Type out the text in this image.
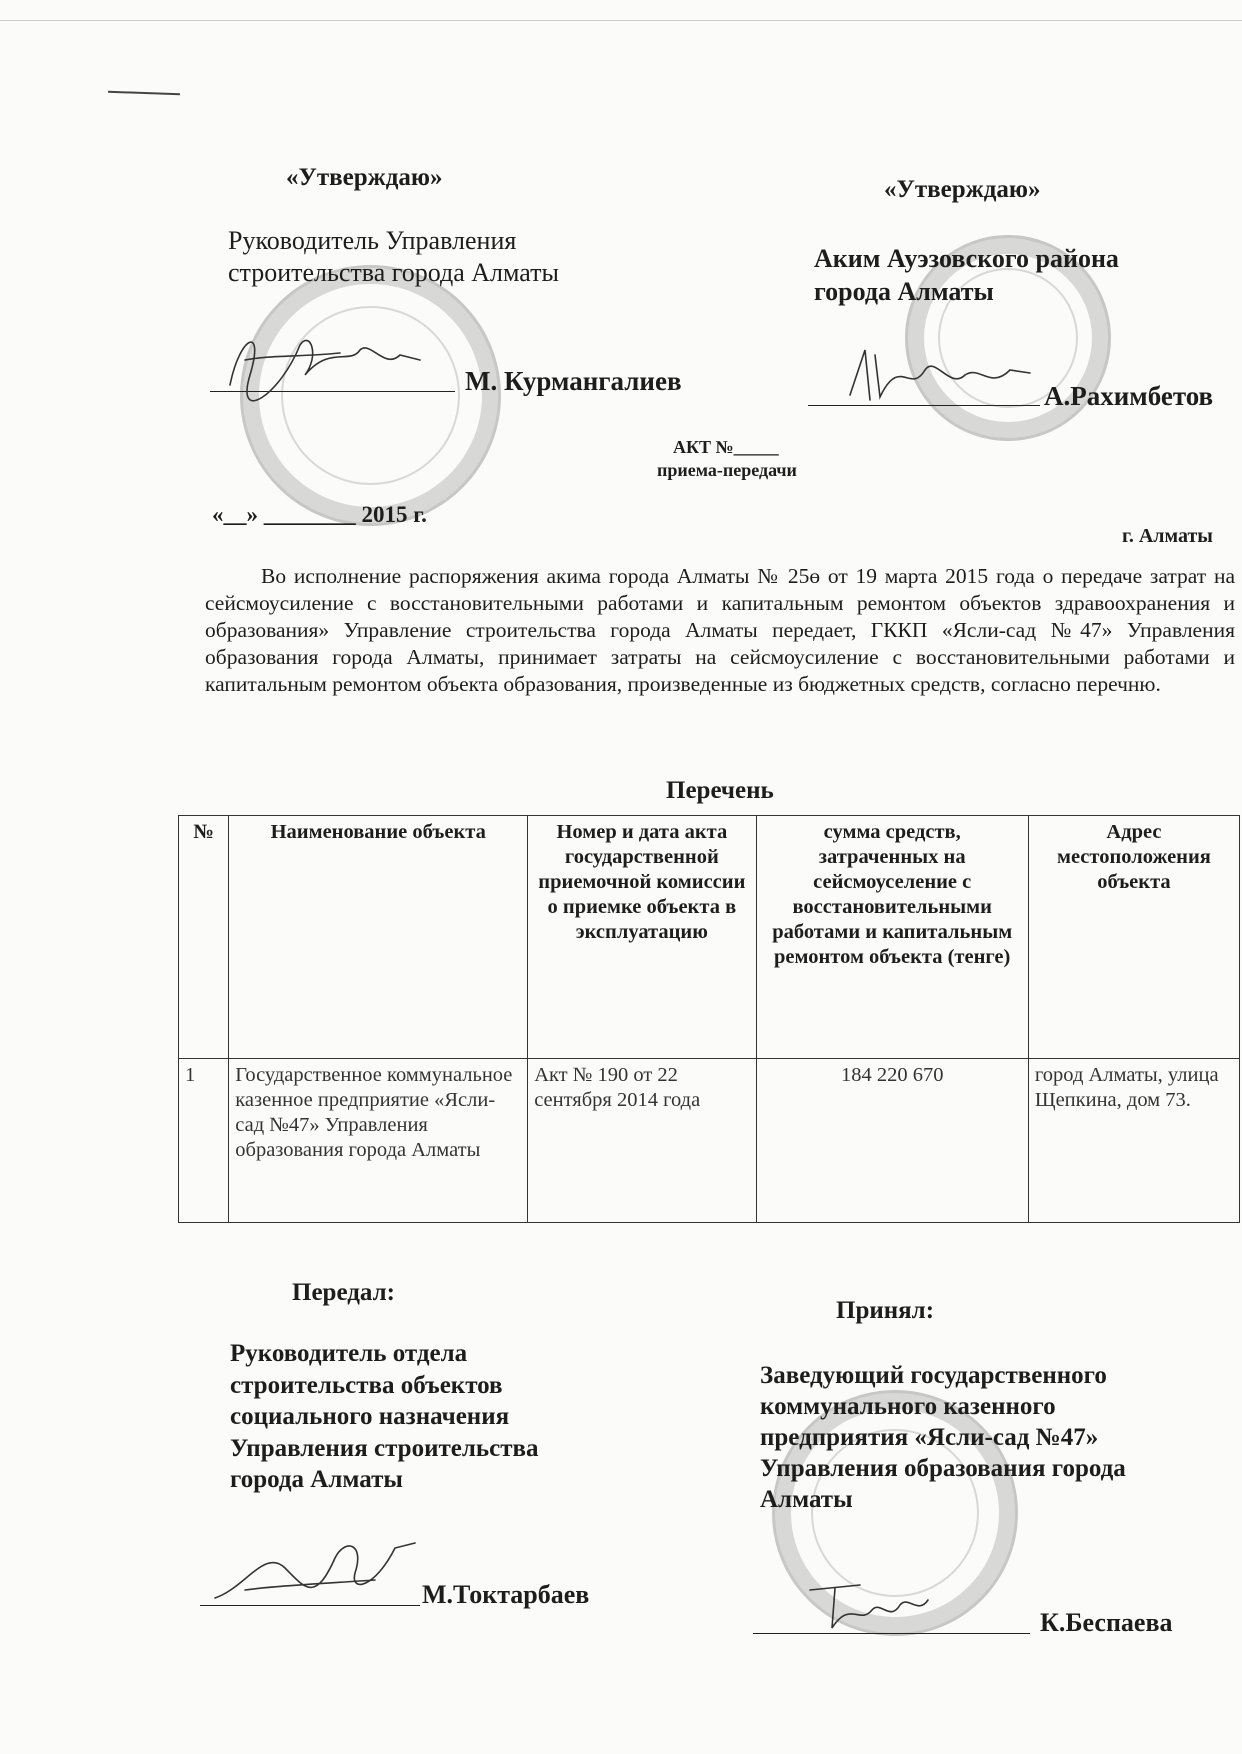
«Утверждаю»
Руководитель Управления
строительства города Алматы
М. Курмангалиев
«Утверждаю»
Аким Ауэзовского района
города Алматы
А.Рахимбетов
АКТ №_____
приема-передачи
«__» ________ 2015 г.
г. Алматы

Во исполнение распоряжения акима города Алматы № 25ө от 19 марта 2015 года о передаче затрат на сейсмоусиление с восстановительными работами и капитальным ремонтом объектов здравоохранения и образования» Управление строительства города Алматы передает, ГККП «Ясли-сад №47» Управления образования города Алматы, принимает затраты на сейсмоусиление с восстановительными работами и капитальным ремонтом объекта образования, произведенные из бюджетных средств, согласно перечню.

Перечень
№	Наименование объекта	Номер и дата акта государственной приемочной комиссии о приемке объекта в эксплуатацию	сумма средств, затраченных на сейсмоуселение с восстановительными работами и капитальным ремонтом объекта (тенге)	Адрес местоположения объекта
1	Государственное коммунальное казенное предприятие «Ясли-сад №47» Управления образования города Алматы	Акт № 190 от 22 сентября 2014 года	184 220 670	город Алматы, улица Щепкина, дом 73.
Передал:
Руководитель отдела
строительства объектов
социального назначения
Управления строительства
города Алматы
М.Токтарбаев
Принял:
Заведующий государственного
коммунального казенного
предприятия «Ясли-сад №47»
Управления образования города
Алматы
К.Беспаева
